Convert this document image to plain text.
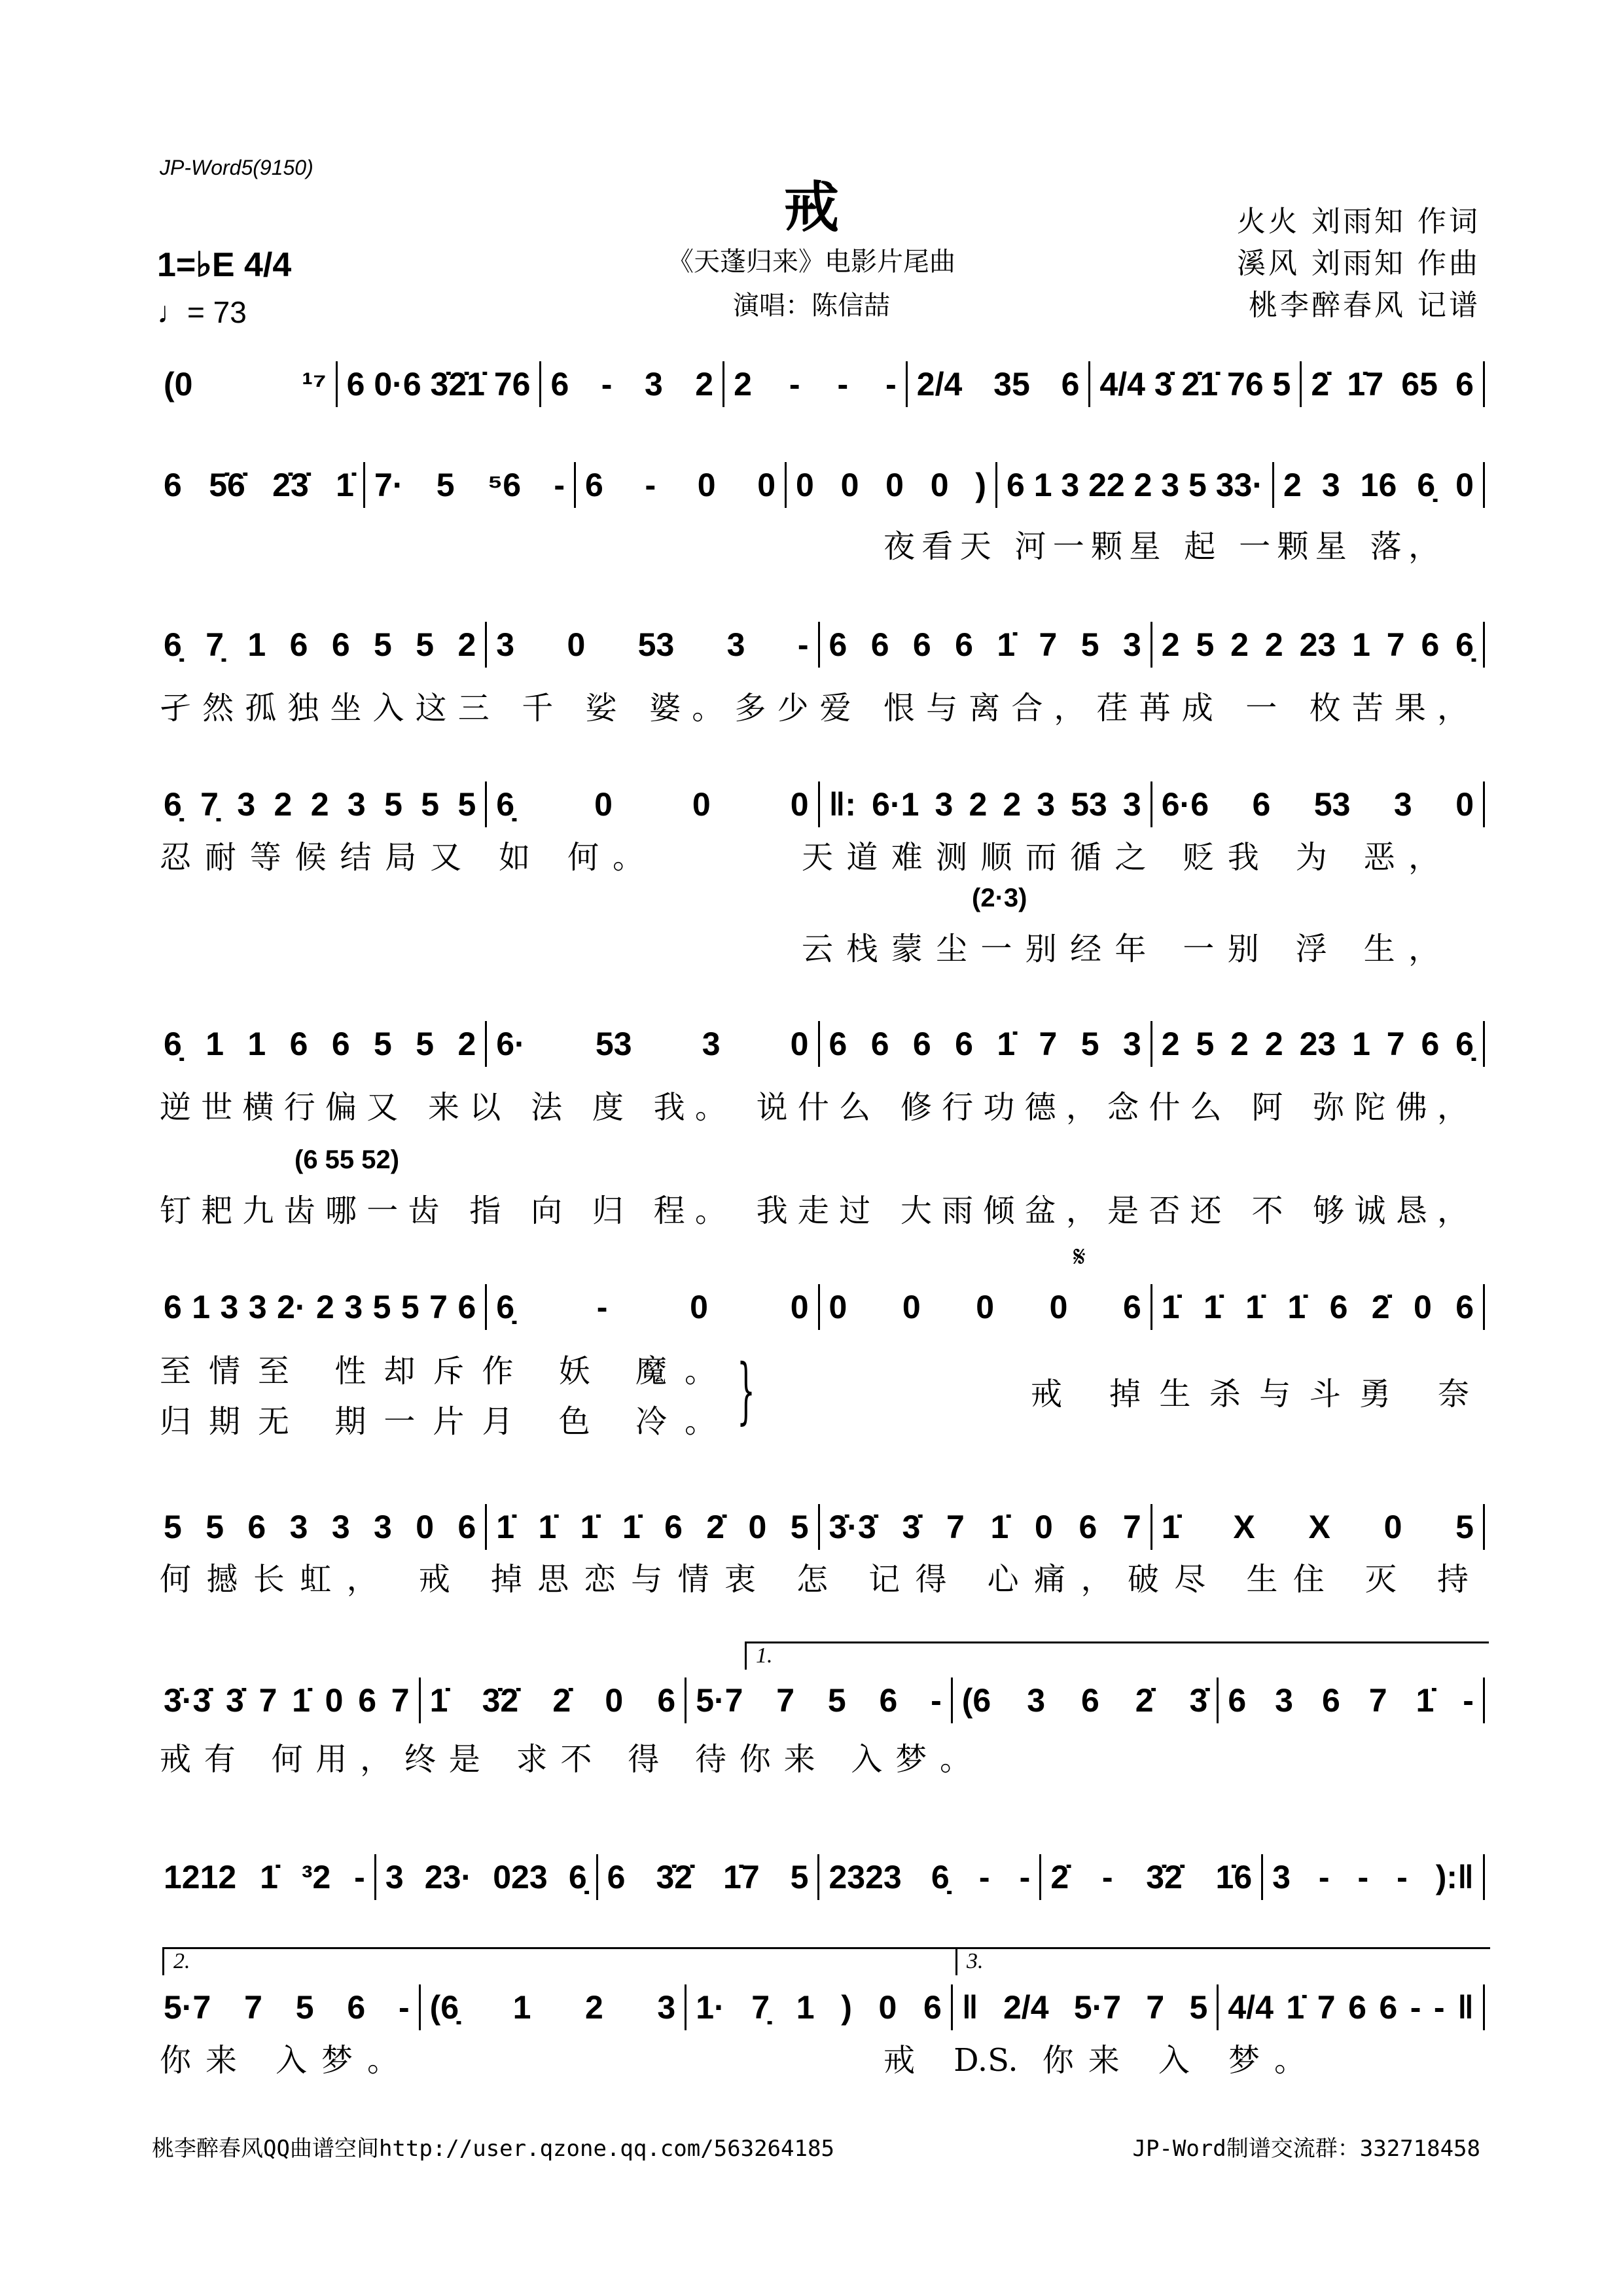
JP-Word5(9150)
戒
《天蓬归来》电影片尾曲
演唱：陈信喆
火火 刘雨知 作词
溪风 刘雨知 作曲
桃李醉春风 记谱
1=♭E 4/4
♩= 73
(0 ¹⁷ 6 0·6 3̇2̇1̇ 76 6 - 3 2 2 - - - 2/4 35 6 4/4 3̇ 2̇1̇ 76 5 2̇ 1̇7 65 6
6 5̇6̇ 2̇3̇ 1̇ 7· 5 ⁵6 - 6 - 0 0 0 0 0 0 ) 6 1 3 22 2 3 5 33· 2 3 16 6̣ 0
6̣ 7̣ 1 6 6 5 5 2 3 0 53 3 - 6 6 6 6 1̇ 7 5 3 2 5 2 2 23 1 7 6 6̣
6̣ 7̣ 3 2 2 3 5 5 5 6̣ 0 0 0 ‖: 6·1 3 2 2 3 53 3 6·6 6 53 3 0
6̣ 1 1 6 6 5 5 2 6· 53 3 0 6 6 6 6 1̇ 7 5 3 2 5 2 2 23 1 7 6 6̣
6 1 3 3 2· 2 3 5 5 7 6 6̣ - 0 0 0 0 0 0 6 1̇ 1̇ 1̇ 1̇ 6 2̇ 0 6
5 5 6 3 3 3 0 6 1̇ 1̇ 1̇ 1̇ 6 2̇ 0 5 3̇·3̇ 3̇ 7 1̇ 0 6 7 1̇ X X 0 5
3̇·3̇ 3̇ 7 1̇ 0 6 7 1̇ 3̇2̇ 2̇ 0 6 5·7 7 5 6 - (6 3 6 2̇ 3̇ 6 3 6 7 1̇ -
1212 1̇ ³2 - 3 23· 023 6̣ 6 3̇2̇ 1̇7 5 2323 6̣ - - 2̇ - 3̇2̇ 1̇6 3 - - - ):‖
5·7 7 5 6 - (6̣ 1 2 3 1· 7̣ 1 ) 0 6 ‖ 2/4 5·7 7 5 4/4 1̇ 7 6 6 - - ‖
夜看天 河一颗星 起 一颗星 落，
孑然孤独坐入这三 千 娑 婆。多少爱 恨与离合，荏苒成 一 枚苦果，
忍耐等候结局又 如 何。	天道难测顺而循之 贬我 为 恶，
(2·3)
云栈蒙尘一别经年 一别 浮 生，
逆世横行偏又 来以 法 度 我。 说什么 修行功德，念什么 阿 弥陀佛，
(6 55 52)
钉耙九齿哪一齿 指 向 归 程。 我走过 大雨倾盆，是否还 不 够诚恳，
𝄋
至情至 性却斥作 妖 魔。
归期无 期一片月 色 冷。 }	戒 掉生杀与斗勇 奈
何撼长虹， 戒 掉思恋与情衷 怎 记得 心痛，破尽 生住 灭 持
戒有 何用，终是 求不 得 待你来 入梦。
你来 入梦。	戒 D.S. 你来 入 梦。
1.
2.	3.
桃李醉春风QQ曲谱空间http://user.qzone.qq.com/563264185	JP-Word制谱交流群：332718458
